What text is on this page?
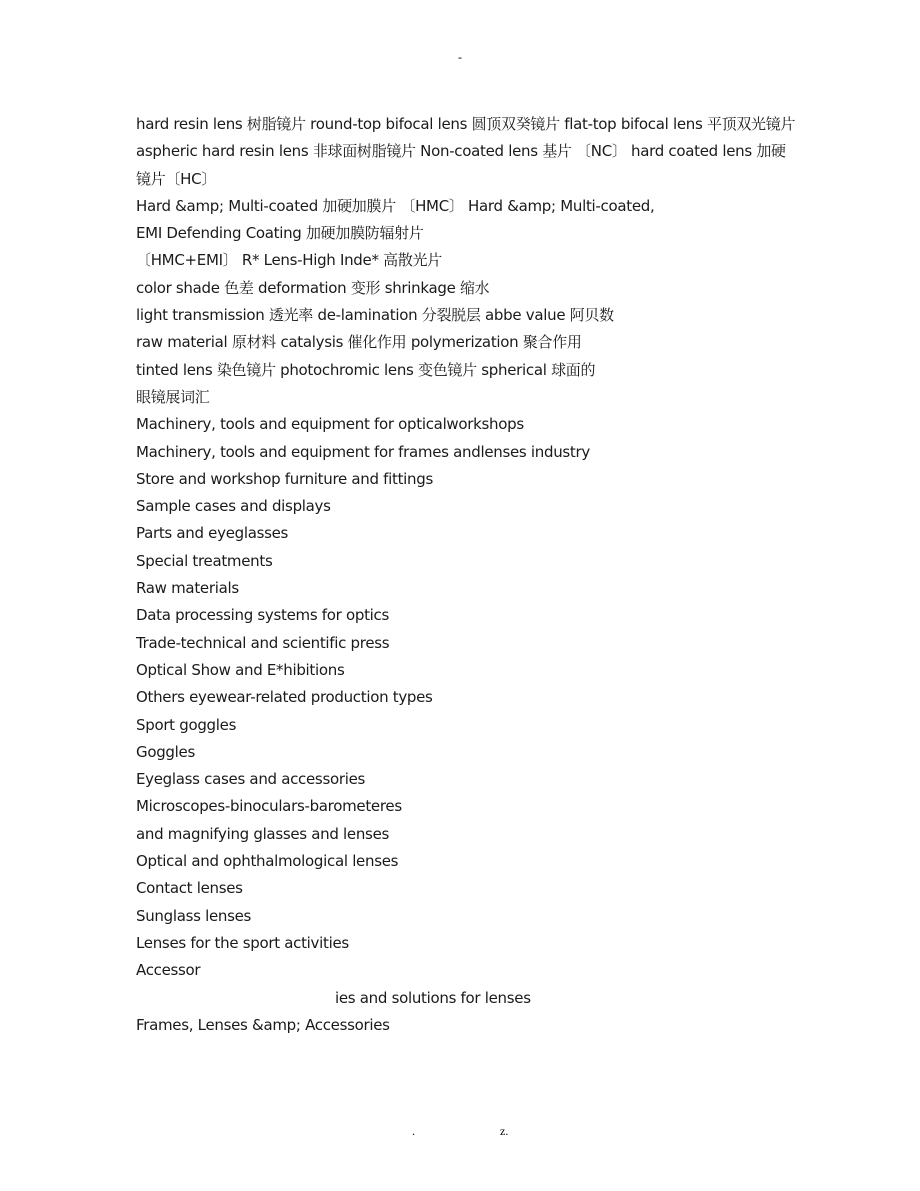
-
hard resin lens 树脂镜片 round-top bifocal lens 圆顶双癸镜片 flat-top bifocal lens 平顶双光镜片
aspheric hard resin lens 非球面树脂镜片 Non-coated lens 基片 〔NC〕 hard coated lens 加硬镜片〔HC〕
Hard &amp; Multi-coated 加硬加膜片 〔HMC〕 Hard &amp; Multi-coated,
EMI Defending Coating 加硬加膜防辐射片
〔HMC+EMI〕 R* Lens-High Inde* 高散光片
color shade 色差 deformation 变形 shrinkage 缩水
light transmission 透光率 de-lamination 分裂脱层 abbe value 阿贝数
raw material 原材料 catalysis 催化作用 polymerization 聚合作用
tinted lens 染色镜片 photochromic lens 变色镜片 spherical 球面的
眼镜展词汇
Machinery, tools and equipment for opticalworkshops
Machinery, tools and equipment for frames andlenses industry
Store and workshop furniture and fittings
Sample cases and displays
Parts and eyeglasses
Special treatments
Raw materials
Data processing systems for optics
Trade-technical and scientific press
Optical Show and E*hibitions
Others eyewear-related production types
Sport goggles
Goggles
Eyeglass cases and accessories
Microscopes-binoculars-barometeres
and magnifying glasses and lenses
Optical and ophthalmological lenses
Contact lenses
Sunglass lenses
Lenses for the sport activities
Accessor
ies and solutions for lenses
Frames, Lenses &amp; Accessories
.	z.
